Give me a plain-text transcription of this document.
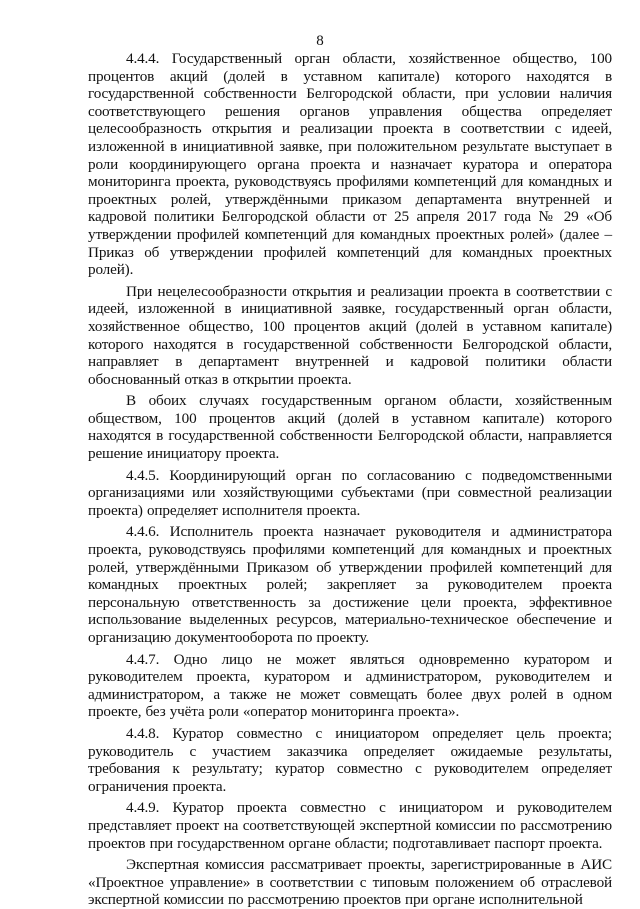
8

4.4.4. Государственный орган области, хозяйственное общество, 100 процентов акций (долей в уставном капитале) которого находятся в государственной собственности Белгородской области, при условии наличия соответствующего решения органов управления общества определяет целесообразность открытия и реализации проекта в соответствии с идеей, изложенной в инициативной заявке, при положительном результате выступает в роли координирующего органа проекта и назначает куратора и оператора мониторинга проекта, руководствуясь профилями компетенций для командных и проектных ролей, утверждёнными приказом департамента внутренней и кадровой политики Белгородской области от 25 апреля 2017 года № 29 «Об утверждении профилей компетенций для командных проектных ролей» (далее – Приказ об утверждении профилей компетенций для командных проектных ролей).

При нецелесообразности открытия и реализации проекта в соответствии с идеей, изложенной в инициативной заявке, государственный орган области, хозяйственное общество, 100 процентов акций (долей в уставном капитале) которого находятся в государственной собственности Белгородской области, направляет в департамент внутренней и кадровой политики области обоснованный отказ в открытии проекта.

В обоих случаях государственным органом области, хозяйственным обществом, 100 процентов акций (долей в уставном капитале) которого находятся в государственной собственности Белгородской области, направляется решение инициатору проекта.

4.4.5. Координирующий орган по согласованию с подведомственными организациями или хозяйствующими субъектами (при совместной реализации проекта) определяет исполнителя проекта.

4.4.6. Исполнитель проекта назначает руководителя и администратора проекта, руководствуясь профилями компетенций для командных и проектных ролей, утверждёнными Приказом об утверждении профилей компетенций для командных проектных ролей; закрепляет за руководителем проекта персональную ответственность за достижение цели проекта, эффективное использование выделенных ресурсов, материально-техническое обеспечение и организацию документооборота по проекту.

4.4.7. Одно лицо не может являться одновременно куратором и руководителем проекта, куратором и администратором, руководителем и администратором, а также не может совмещать более двух ролей в одном проекте, без учёта роли «оператор мониторинга проекта».

4.4.8. Куратор совместно с инициатором определяет цель проекта; руководитель с участием заказчика определяет ожидаемые результаты, требования к результату; куратор совместно с руководителем определяет ограничения проекта.

4.4.9. Куратор проекта совместно с инициатором и руководителем представляет проект на соответствующей экспертной комиссии по рассмотрению проектов при государственном органе области; подготавливает паспорт проекта.

Экспертная комиссия рассматривает проекты, зарегистрированные в АИС «Проектное управление» в соответствии с типовым положением об отраслевой экспертной комиссии по рассмотрению проектов при органе исполнительной
